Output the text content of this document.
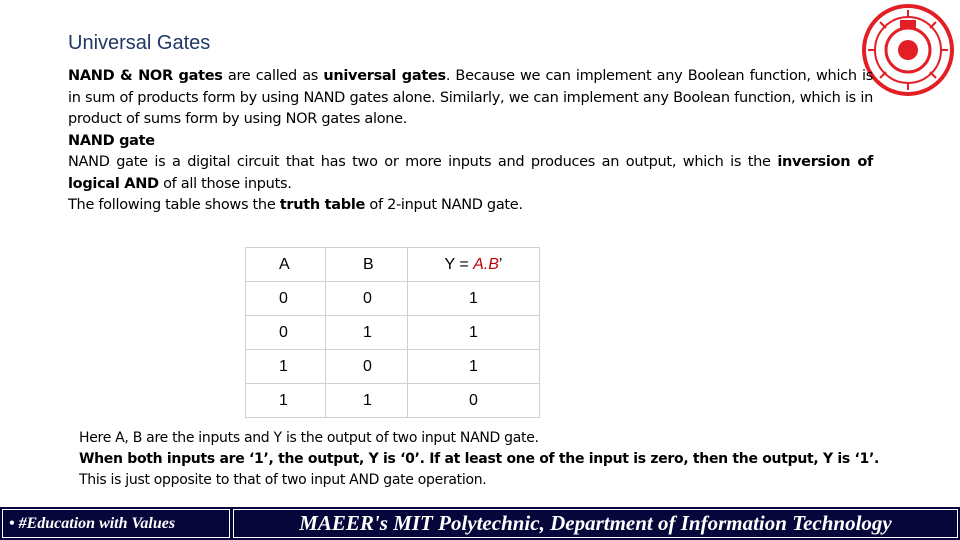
Universal Gates

NAND & NOR gates are called as universal gates. Because we can implement any Boolean function, which is in sum of products form by using NAND gates alone. Similarly, we can implement any Boolean function, which is in product of sums form by using NOR gates alone.

NAND gate

NAND gate is a digital circuit that has two or more inputs and produces an output, which is the inversion of logical AND of all those inputs.

The following table shows the truth table of 2-input NAND gate.

A	B	Y = A.B’
0	0	1
0	1	1
1	0	1
1	1	0

Here A, B are the inputs and Y is the output of two input NAND gate.

When both inputs are ‘1’, the output, Y is ‘0’. If at least one of the input is zero, then the output, Y is ‘1’.

This is just opposite to that of two input AND gate operation.

• #Education with Values	MAEER's MIT Polytechnic, Department of Information Technology
